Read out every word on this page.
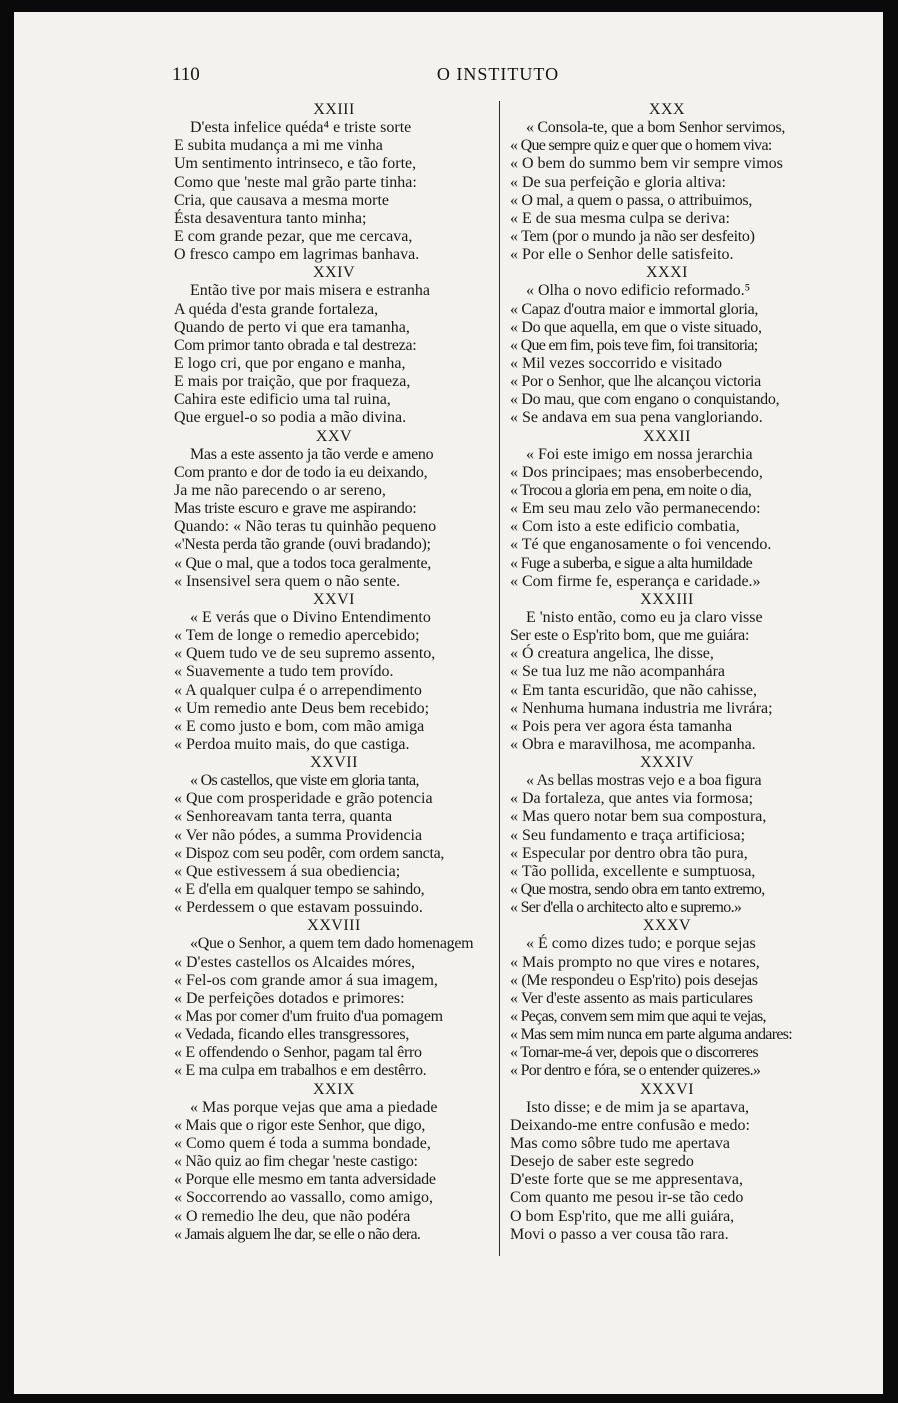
110	O INSTITUTO
XXIII
D'esta infelice quéda⁴ e triste sorte
E subita mudança a mi me vinha
Um sentimento intrinseco, e tão forte,
Como que 'neste mal grão parte tinha:
Cria, que causava a mesma morte
Ésta desaventura tanto minha;
E com grande pezar, que me cercava,
O fresco campo em lagrimas banhava.
XXIV
Então tive por mais misera e estranha
A quéda d'esta grande fortaleza,
Quando de perto vi que era tamanha,
Com primor tanto obrada e tal destreza:
E logo cri, que por engano e manha,
E mais por traição, que por fraqueza,
Cahira este edificio uma tal ruina,
Que erguel-o so podia a mão divina.
XXV
Mas a este assento ja tão verde e ameno
Com pranto e dor de todo ia eu deixando,
Ja me não parecendo o ar sereno,
Mas triste escuro e grave me aspirando:
Quando: « Não teras tu quinhão pequeno
«'Nesta perda tão grande (ouvi bradando);
« Que o mal, que a todos toca geralmente,
« Insensivel sera quem o não sente.
XXVI
« E verás que o Divino Entendimento
« Tem de longe o remedio apercebido;
« Quem tudo ve de seu supremo assento,
« Suavemente a tudo tem provído.
« A qualquer culpa é o arrependimento
« Um remedio ante Deus bem recebido;
« E como justo e bom, com mão amiga
« Perdoa muito mais, do que castiga.
XXVII
« Os castellos, que viste em gloria tanta,
« Que com prosperidade e grão potencia
« Senhoreavam tanta terra, quanta
« Ver não pódes, a summa Providencia
« Dispoz com seu podêr, com ordem sancta,
« Que estivessem á sua obediencia;
« E d'ella em qualquer tempo se sahindo,
« Perdessem o que estavam possuindo.
XXVIII
«Que o Senhor, a quem tem dado homenagem
« D'estes castellos os Alcaides móres,
« Fel-os com grande amor á sua imagem,
« De perfeições dotados e primores:
« Mas por comer d'um fruito d'ua pomagem
« Vedada, ficando elles transgressores,
« E offendendo o Senhor, pagam tal êrro
« E ma culpa em trabalhos e em destêrro.
XXIX
« Mas porque vejas que ama a piedade
« Mais que o rigor este Senhor, que digo,
« Como quem é toda a summa bondade,
« Não quiz ao fim chegar 'neste castigo:
« Porque elle mesmo em tanta adversidade
« Soccorrendo ao vassallo, como amigo,
« O remedio lhe deu, que não podéra
« Jamais alguem lhe dar, se elle o não dera.
XXX
« Consola-te, que a bom Senhor servimos,
« Que sempre quiz e quer que o homem viva:
« O bem do summo bem vir sempre vimos
« De sua perfeição e gloria altiva:
« O mal, a quem o passa, o attribuimos,
« E de sua mesma culpa se deriva:
« Tem (por o mundo ja não ser desfeito)
« Por elle o Senhor delle satisfeito.
XXXI
« Olha o novo edificio reformado.⁵
« Capaz d'outra maior e immortal gloria,
« Do que aquella, em que o viste situado,
« Que em fim, pois teve fim, foi transitoria;
« Mil vezes soccorrido e visitado
« Por o Senhor, que lhe alcançou victoria
« Do mau, que com engano o conquistando,
« Se andava em sua pena vangloriando.
XXXII
« Foi este imigo em nossa jerarchia
« Dos principaes; mas ensoberbecendo,
« Trocou a gloria em pena, em noite o dia,
« Em seu mau zelo vão permanecendo:
« Com isto a este edificio combatia,
« Té que enganosamente o foi vencendo.
« Fuge a suberba, e sigue a alta humildade
« Com firme fe, esperança e caridade.»
XXXIII
E 'nisto então, como eu ja claro visse
Ser este o Esp'rito bom, que me guiára:
« Ó creatura angelica, lhe disse,
« Se tua luz me não acompanhára
« Em tanta escuridão, que não cahisse,
« Nenhuma humana industria me livrára;
« Pois pera ver agora ésta tamanha
« Obra e maravilhosa, me acompanha.
XXXIV
« As bellas mostras vejo e a boa figura
« Da fortaleza, que antes via formosa;
« Mas quero notar bem sua compostura,
« Seu fundamento e traça artificiosa;
« Especular por dentro obra tão pura,
« Tão pollida, excellente e sumptuosa,
« Que mostra, sendo obra em tanto extremo,
« Ser d'ella o architecto alto e supremo.»
XXXV
« É como dizes tudo; e porque sejas
« Mais prompto no que vires e notares,
« (Me respondeu o Esp'rito) pois desejas
« Ver d'este assento as mais particulares
« Peças, convem sem mim que aqui te vejas,
« Mas sem mim nunca em parte alguma andares:
« Tornar-me-á ver, depois que o discorreres
« Por dentro e fóra, se o entender quizeres.»
XXXVI
Isto disse; e de mim ja se apartava,
Deixando-me entre confusão e medo:
Mas como sôbre tudo me apertava
Desejo de saber este segredo
D'este forte que se me appresentava,
Com quanto me pesou ir-se tão cedo
O bom Esp'rito, que me alli guiára,
Movi o passo a ver cousa tão rara.
